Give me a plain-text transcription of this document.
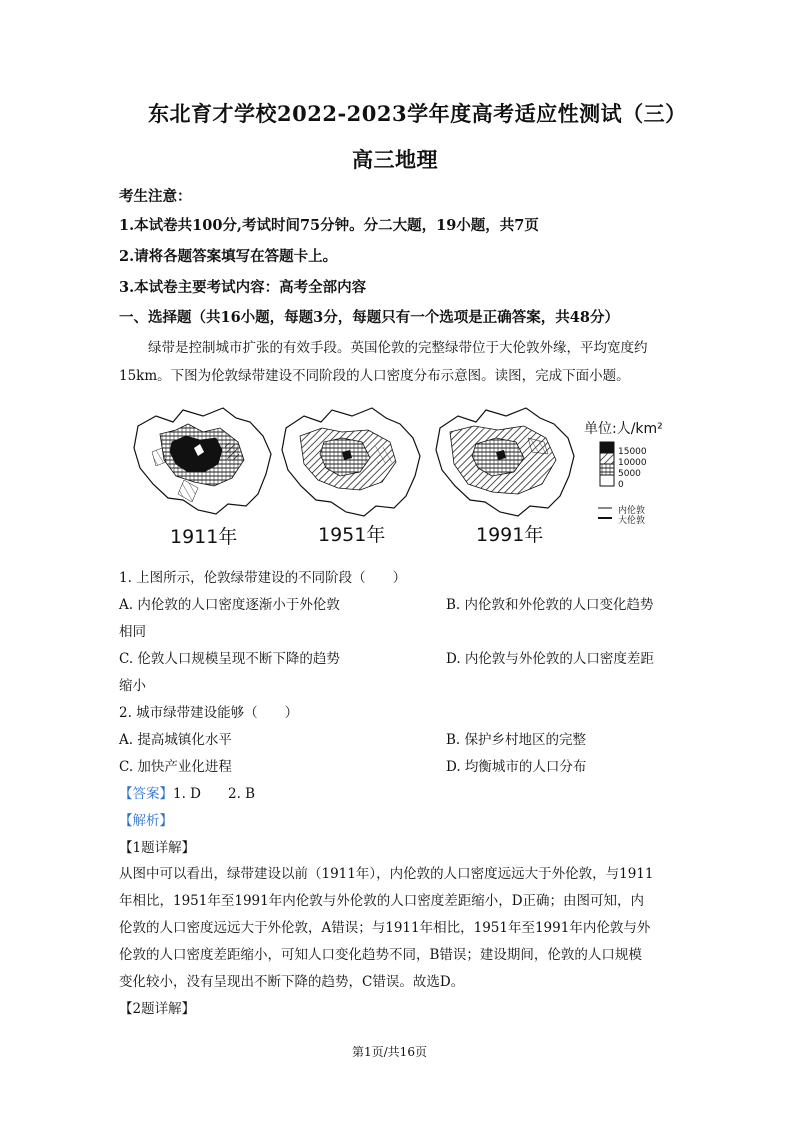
东北育才学校2022-2023学年度高考适应性测试（三）
高三地理
考生注意：
1.本试卷共100分,考试时间75分钟。分二大题，19小题，共7页
2.请将各题答案填写在答题卡上。
3.本试卷主要考试内容：高考全部内容
一、选择题（共16小题，每题3分，每题只有一个选项是正确答案，共48分）
绿带是控制城市扩张的有效手段。英国伦敦的完整绿带位于大伦敦外缘，平均宽度约
15km。下图为伦敦绿带建设不同阶段的人口密度分布示意图。读图，完成下面小题。
1911年	1951年	1991年
单位:人/km²
15000
10000
5000
0
内伦敦
大伦敦
1. 上图所示，伦敦绿带建设的不同阶段（　　）
A. 内伦敦的人口密度逐渐小于外伦敦	B. 内伦敦和外伦敦的人口变化趋势
相同
C. 伦敦人口规模呈现不断下降的趋势	D. 内伦敦与外伦敦的人口密度差距
缩小
2. 城市绿带建设能够（　　）
A. 提高城镇化水平	B. 保护乡村地区的完整
C. 加快产业化进程	D. 均衡城市的人口分布
【答案】1. D　　2. B
【解析】
【1题详解】
从图中可以看出，绿带建设以前（1911年），内伦敦的人口密度远远大于外伦敦，与1911
年相比，1951年至1991年内伦敦与外伦敦的人口密度差距缩小，D正确；由图可知，内
伦敦的人口密度远远大于外伦敦，A错误；与1911年相比，1951年至1991年内伦敦与外
伦敦的人口密度差距缩小，可知人口变化趋势不同，B错误；建设期间，伦敦的人口规模
变化较小，没有呈现出不断下降的趋势，C错误。故选D。
【2题详解】
第1页/共16页
